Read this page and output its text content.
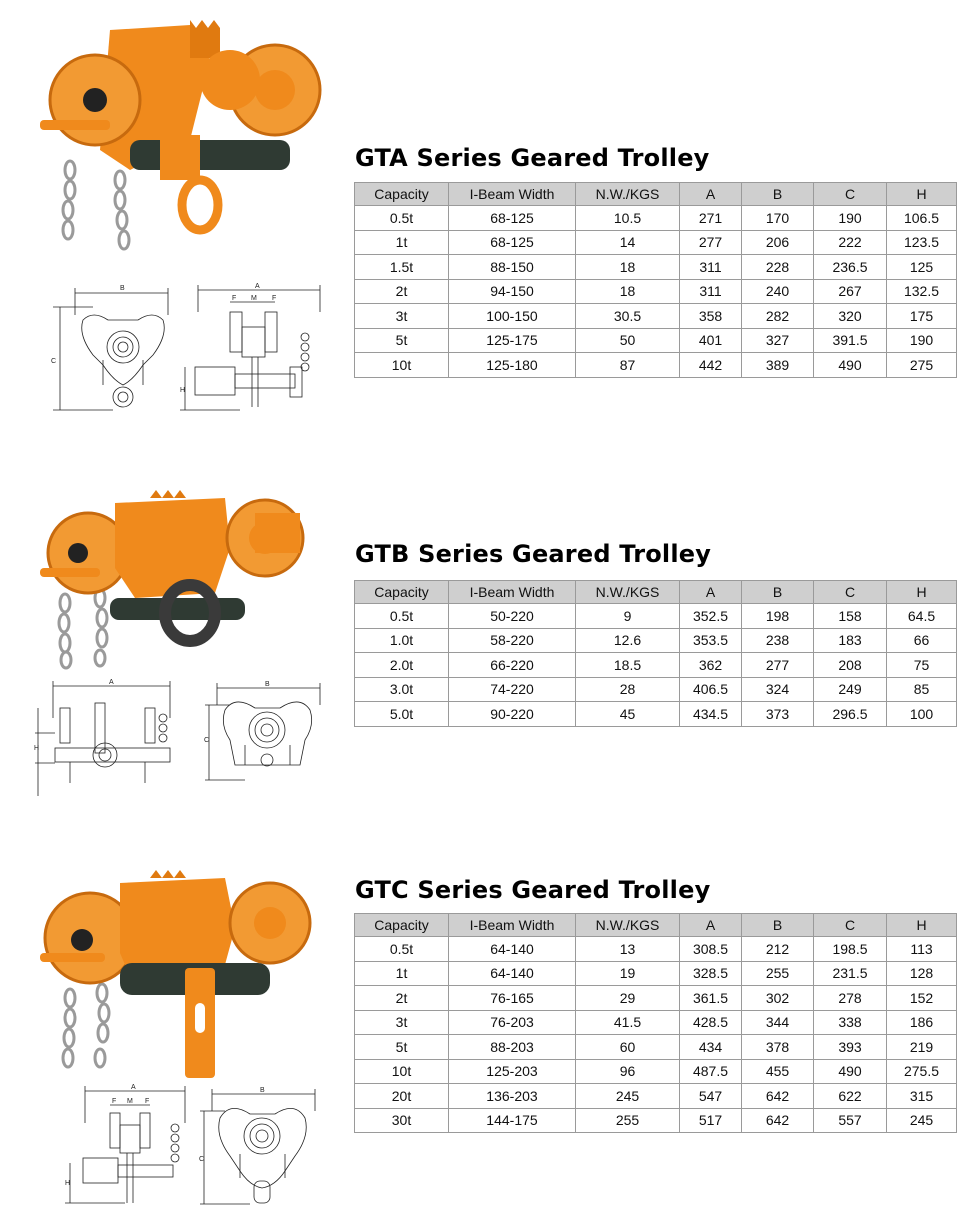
B
C
A
F M F
H
GTA Series Geared Trolley
Capacity	I-Beam Width	N.W./KGS	A	B	C	H
0.5t	68-125	10.5	271	170	190	106.5
1t	68-125	14	277	206	222	123.5
1.5t	88-150	18	311	228	236.5	125
2t	94-150	18	311	240	267	132.5
3t	100-150	30.5	358	282	320	175
5t	125-175	50	401	327	391.5	190
10t	125-180	87	442	389	490	275
A
H
B
C
GTB Series Geared Trolley
Capacity	I-Beam Width	N.W./KGS	A	B	C	H
0.5t	50-220	9	352.5	198	158	64.5
1.0t	58-220	12.6	353.5	238	183	66
2.0t	66-220	18.5	362	277	208	75
3.0t	74-220	28	406.5	324	249	85
5.0t	90-220	45	434.5	373	296.5	100
A
F M F
H
B
C
GTC Series Geared Trolley
Capacity	I-Beam Width	N.W./KGS	A	B	C	H
0.5t	64-140	13	308.5	212	198.5	113
1t	64-140	19	328.5	255	231.5	128
2t	76-165	29	361.5	302	278	152
3t	76-203	41.5	428.5	344	338	186
5t	88-203	60	434	378	393	219
10t	125-203	96	487.5	455	490	275.5
20t	136-203	245	547	642	622	315
30t	144-175	255	517	642	557	245
